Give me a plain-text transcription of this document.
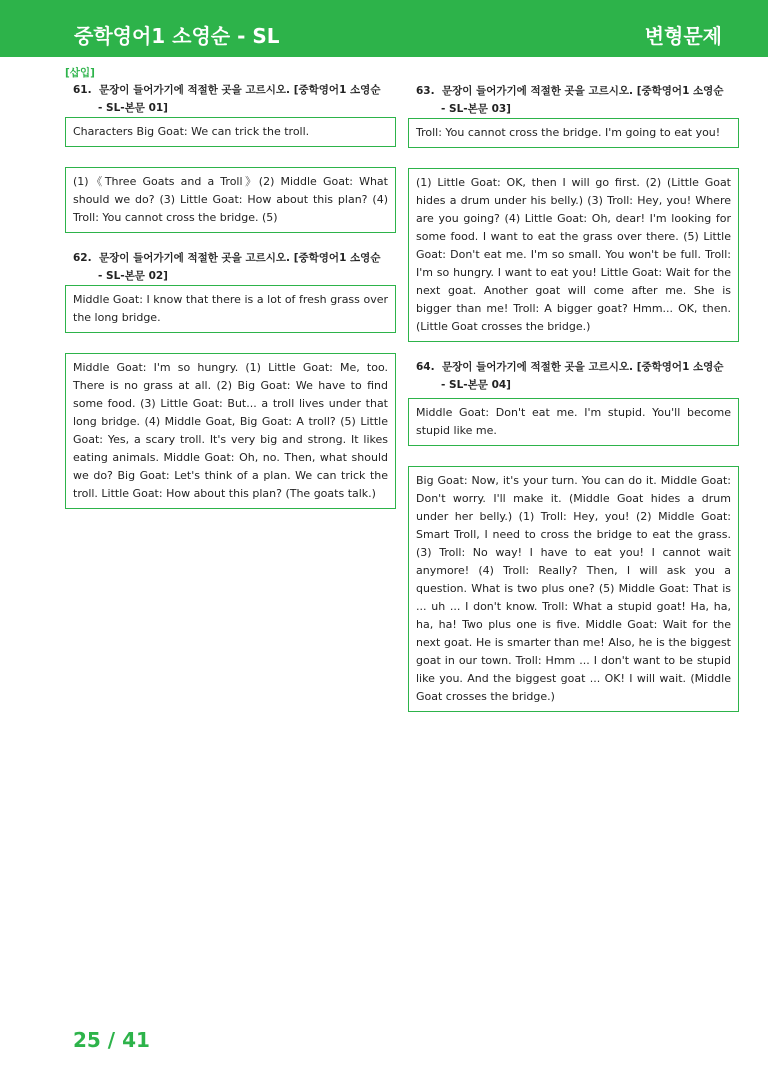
중학영어1 소영순 - SL	변형문제
[삽입]
61. 문장이 들어가기에 적절한 곳을 고르시오. [중학영어1 소영순
- SL-본문 01]
Characters Big Goat: We can trick the troll.
(1)《Three Goats and a Troll》(2) Middle Goat: What should we do? (3) Little Goat: How about this plan? (4) Troll: You cannot cross the bridge. (5)
62. 문장이 들어가기에 적절한 곳을 고르시오. [중학영어1 소영순
- SL-본문 02]
Middle Goat: I know that there is a lot of fresh grass over the long bridge.
Middle Goat: I'm so hungry. (1) Little Goat: Me, too. There is no grass at all. (2) Big Goat: We have to find some food. (3) Little Goat: But... a troll lives under that long bridge. (4) Middle Goat, Big Goat: A troll? (5) Little Goat: Yes, a scary troll. It's very big and strong. It likes eating animals. Middle Goat: Oh, no. Then, what should we do? Big Goat: Let's think of a plan. We can trick the troll. Little Goat: How about this plan? (The goats talk.)
63. 문장이 들어가기에 적절한 곳을 고르시오. [중학영어1 소영순
- SL-본문 03]
Troll: You cannot cross the bridge. I'm going to eat you!
(1) Little Goat: OK, then I will go first. (2) (Little Goat hides a drum under his belly.) (3) Troll: Hey, you! Where are you going? (4) Little Goat: Oh, dear! I'm looking for some food. I want to eat the grass over there. (5) Little Goat: Don't eat me. I'm so small. You won't be full. Troll: I'm so hungry. I want to eat you! Little Goat: Wait for the next goat. Another goat will come after me. She is bigger than me! Troll: A bigger goat? Hmm... OK, then. (Little Goat crosses the bridge.)
64. 문장이 들어가기에 적절한 곳을 고르시오. [중학영어1 소영순
- SL-본문 04]
Middle Goat: Don't eat me. I'm stupid. You'll become stupid like me.
Big Goat: Now, it's your turn. You can do it. Middle Goat: Don't worry. I'll make it. (Middle Goat hides a drum under her belly.) (1) Troll: Hey, you! (2) Middle Goat: Smart Troll, I need to cross the bridge to eat the grass. (3) Troll: No way! I have to eat you! I cannot wait anymore! (4) Troll: Really? Then, I will ask you a question. What is two plus one? (5) Middle Goat: That is ... uh ... I don't know. Troll: What a stupid goat! Ha, ha, ha, ha! Two plus one is five. Middle Goat: Wait for the next goat. He is smarter than me! Also, he is the biggest goat in our town. Troll: Hmm ... I don't want to be stupid like you. And the biggest goat ... OK! I will wait. (Middle Goat crosses the bridge.)
25 / 41
